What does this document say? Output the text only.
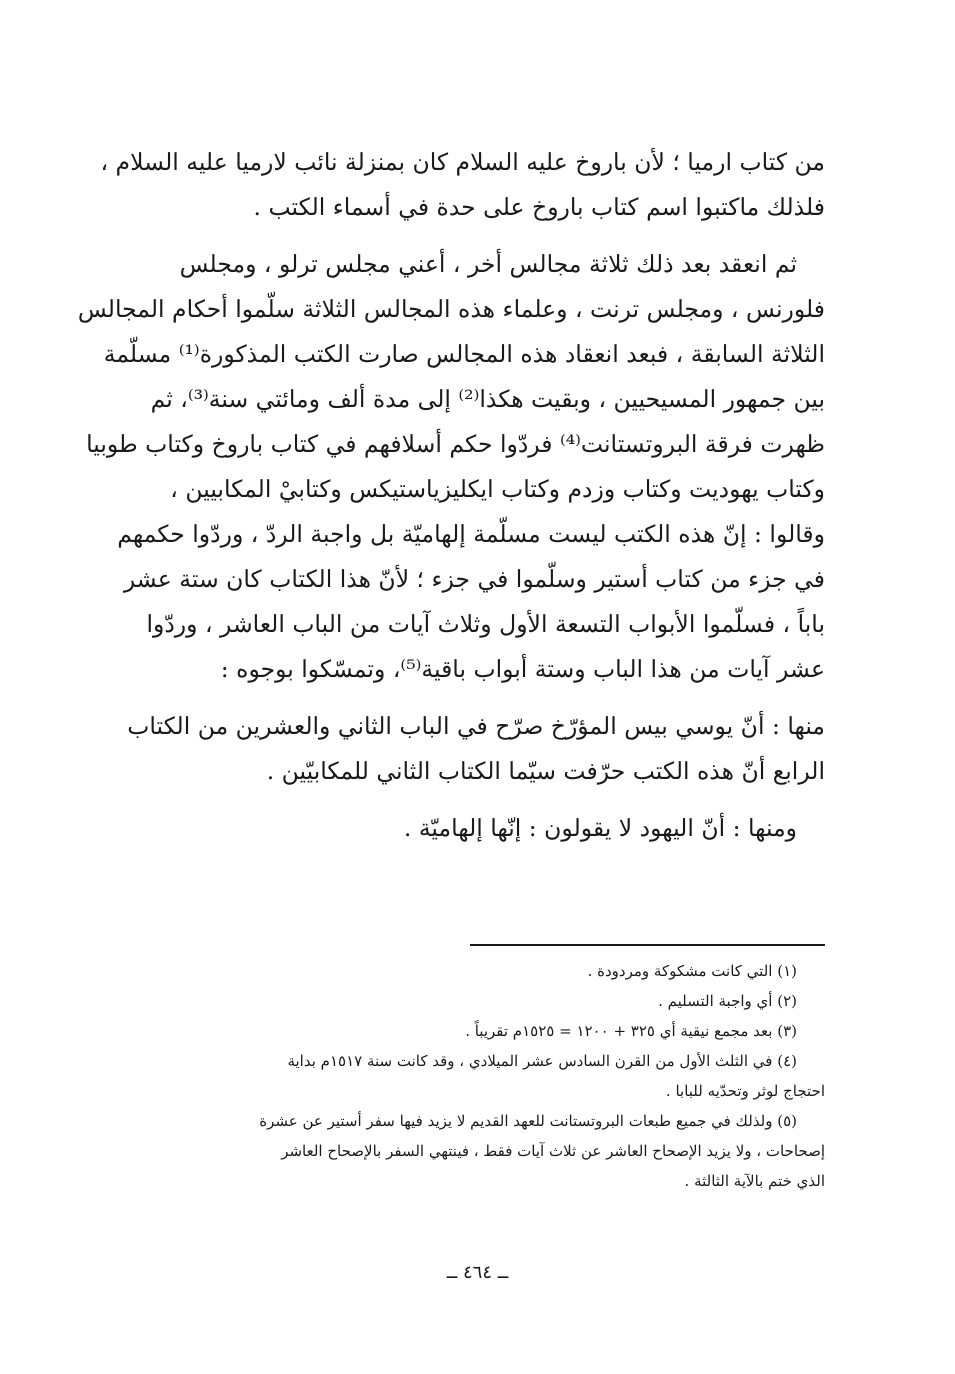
من كتاب ارميا ؛ لأن باروخ عليه السلام كان بمنزلة نائب لارميا عليه السلام ،
فلذلك ماكتبوا اسم كتاب باروخ على حدة في أسماء الكتب .

ثم انعقد بعد ذلك ثلاثة مجالس أخر ، أعني مجلس ترلو ، ومجلس
فلورنس ، ومجلس ترنت ، وعلماء هذه المجالس الثلاثة سلّموا أحكام المجالس
الثلاثة السابقة ، فبعد انعقاد هذه المجالس صارت الكتب المذكورة⁽¹⁾ مسلّمة
بين جمهور المسيحيين ، وبقيت هكذا⁽²⁾ إلى مدة ألف ومائتي سنة⁽³⁾، ثم
ظهرت فرقة البروتستانت⁽⁴⁾ فردّوا حكم أسلافهم في كتاب باروخ وكتاب طوبيا
وكتاب يهوديت وكتاب وزدم وكتاب ايكليزياستيكس وكتابيْ المكابيين ،
وقالوا : إنّ هذه الكتب ليست مسلّمة إلهاميّة بل واجبة الردّ ، وردّوا حكمهم
في جزء من كتاب أستير وسلّموا في جزء ؛ لأنّ هذا الكتاب كان ستة عشر
باباً ، فسلّموا الأبواب التسعة الأول وثلاث آيات من الباب العاشر ، وردّوا
عشر آيات من هذا الباب وستة أبواب باقية⁽⁵⁾، وتمسّكوا بوجوه :

منها : أنّ يوسي بيس المؤرّخ صرّح في الباب الثاني والعشرين من الكتاب
الرابع أنّ هذه الكتب حرّفت سيّما الكتاب الثاني للمكابيّين .

ومنها : أنّ اليهود لا يقولون : إنّها إلهاميّة .

(١) التي كانت مشكوكة ومردودة .
(٢) أي واجبة التسليم .
(٣) بعد مجمع نيقية أي ٣٢٥ + ١٢٠٠ = ١٥٢٥م تقريباً .
(٤) في الثلث الأول من القرن السادس عشر الميلادي ، وقد كانت سنة ١٥١٧م بداية
احتجاج لوثر وتحدّيه للبابا .
(٥) ولذلك في جميع طبعات البروتستانت للعهد القديم لا يزيد فيها سفر أستير عن عشرة
إصحاحات ، ولا يزيد الإصحاح العاشر عن ثلاث آيات فقط ، فينتهي السفر بالإصحاح العاشر
الذي ختم بالآية الثالثة .
ــ ٤٦٤ ــ
